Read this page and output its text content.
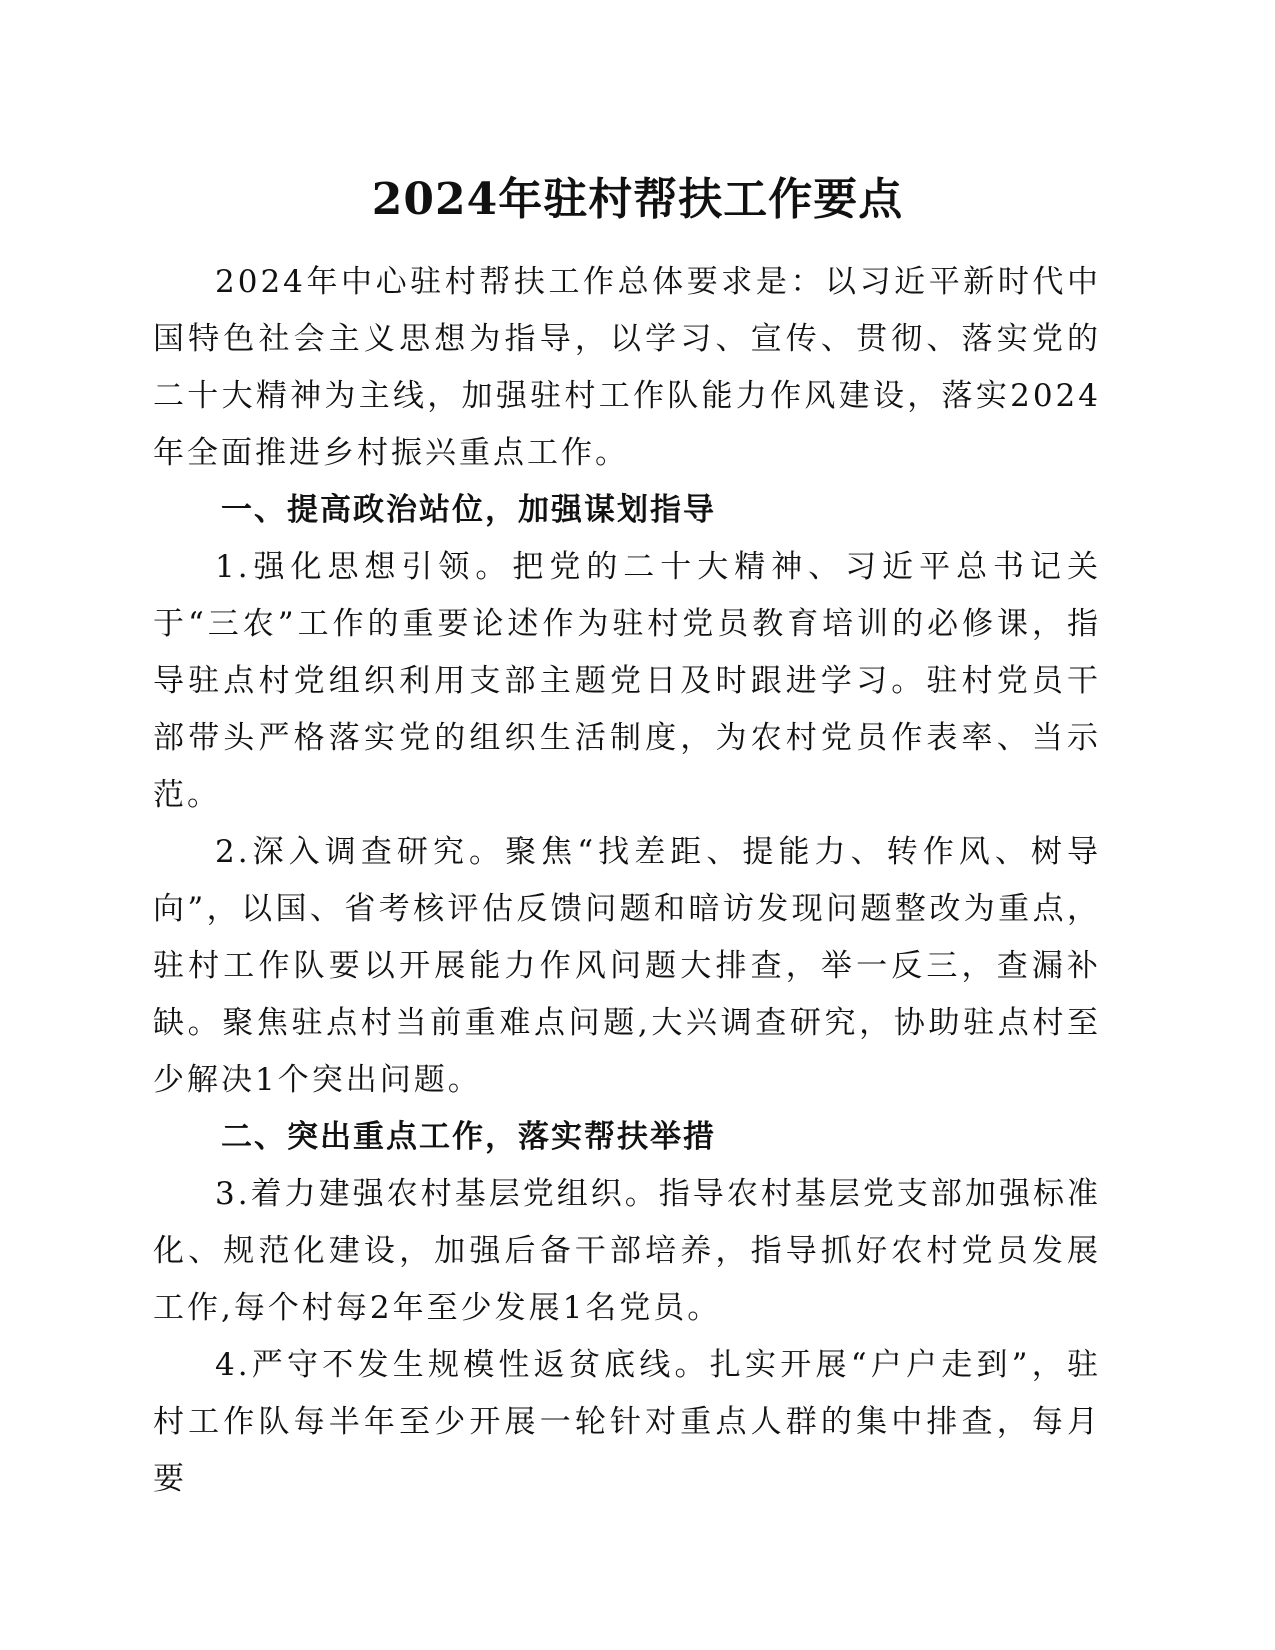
2024年驻村帮扶工作要点

2024年中心驻村帮扶工作总体要求是：以习近平新时代中国特色社会主义思想为指导，以学习、宣传、贯彻、落实党的二十大精神为主线，加强驻村工作队能力作风建设，落实2024年全面推进乡村振兴重点工作。

一、提高政治站位，加强谋划指导

1.强化思想引领。把党的二十大精神、习近平总书记关于“三农”工作的重要论述作为驻村党员教育培训的必修课，指导驻点村党组织利用支部主题党日及时跟进学习。驻村党员干部带头严格落实党的组织生活制度，为农村党员作表率、当示范。

2.深入调查研究。聚焦“找差距、提能力、转作风、树导向”，以国、省考核评估反馈问题和暗访发现问题整改为重点，驻村工作队要以开展能力作风问题大排查，举一反三，查漏补缺。聚焦驻点村当前重难点问题,大兴调查研究，协助驻点村至少解决1个突出问题。

二、突出重点工作，落实帮扶举措

3.着力建强农村基层党组织。指导农村基层党支部加强标准化、规范化建设，加强后备干部培养，指导抓好农村党员发展工作,每个村每2年至少发展1名党员。

4.严守不发生规模性返贫底线。扎实开展“户户走到”，驻村工作队每半年至少开展一轮针对重点人群的集中排查，每月要
